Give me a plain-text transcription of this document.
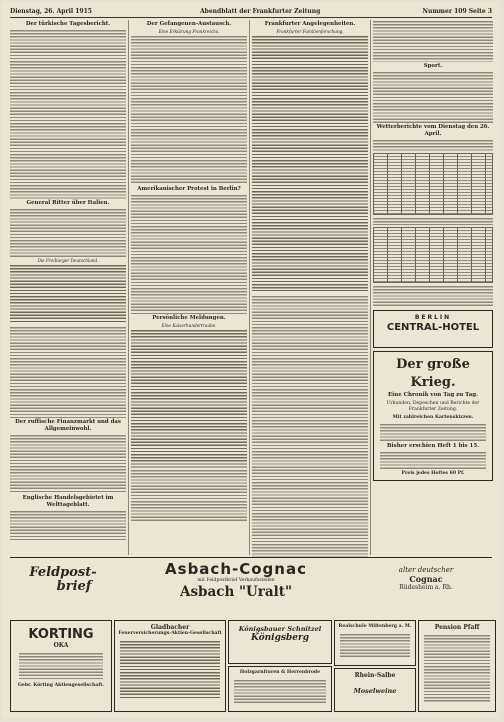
Dienstag, 26. April 1915	Abendblatt der Frankfurter Zeitung	Nummer 109 Seite 3
Der türkische Tagesbericht.
General Ritter über Italien.
Die Freiburger Deutschland.
Der ruffische Finanzmarkt und das Allgemeinwohl.
Englische Handelsgebietet im Welttageblatt.
Der Gefangenen-Austausch.
Eine Erklärung Frankreichs.
Amerikanischer Protest in Berlin?
Persönliche Meldungen.
Eine Kaiserhundertraube.
Frankfurter Angelegenheiten.
Frankfurter Familienforschung.
Sport.
Wetterberichte vom Dienstag den 26. April.
BERLIN
CENTRAL-HOTEL
Der große Krieg.
Eine Chronik von Tag zu Tag.
Urkunden, Depeschen und Berichte der Frankfurter Zeitung.
Mit zahlreichen Kartenskizzen.
Bisher erschien Heft 1 bis 15.
Preis jedes Heftes 60 Pf.
Feldpost-
brief
Asbach-Cognac
mit Feldpostbrief Verkaufsstellen
Asbach "Uralt"
alter deutscher
Cognac
Rüdesheim a. Rh.
KORTING
OKA
Gebr. Körting Aktiengesellschaft.
Gladbacher
Feuerversicherungs-Aktien-Gesellschaft
Königsbauer Schnitzel
Königsberg
Holzgarnituren & Herrenbrode
Realschule Miltenberg a. M.
Rhein-Salbe
Moselweine
Pension Pfaff
